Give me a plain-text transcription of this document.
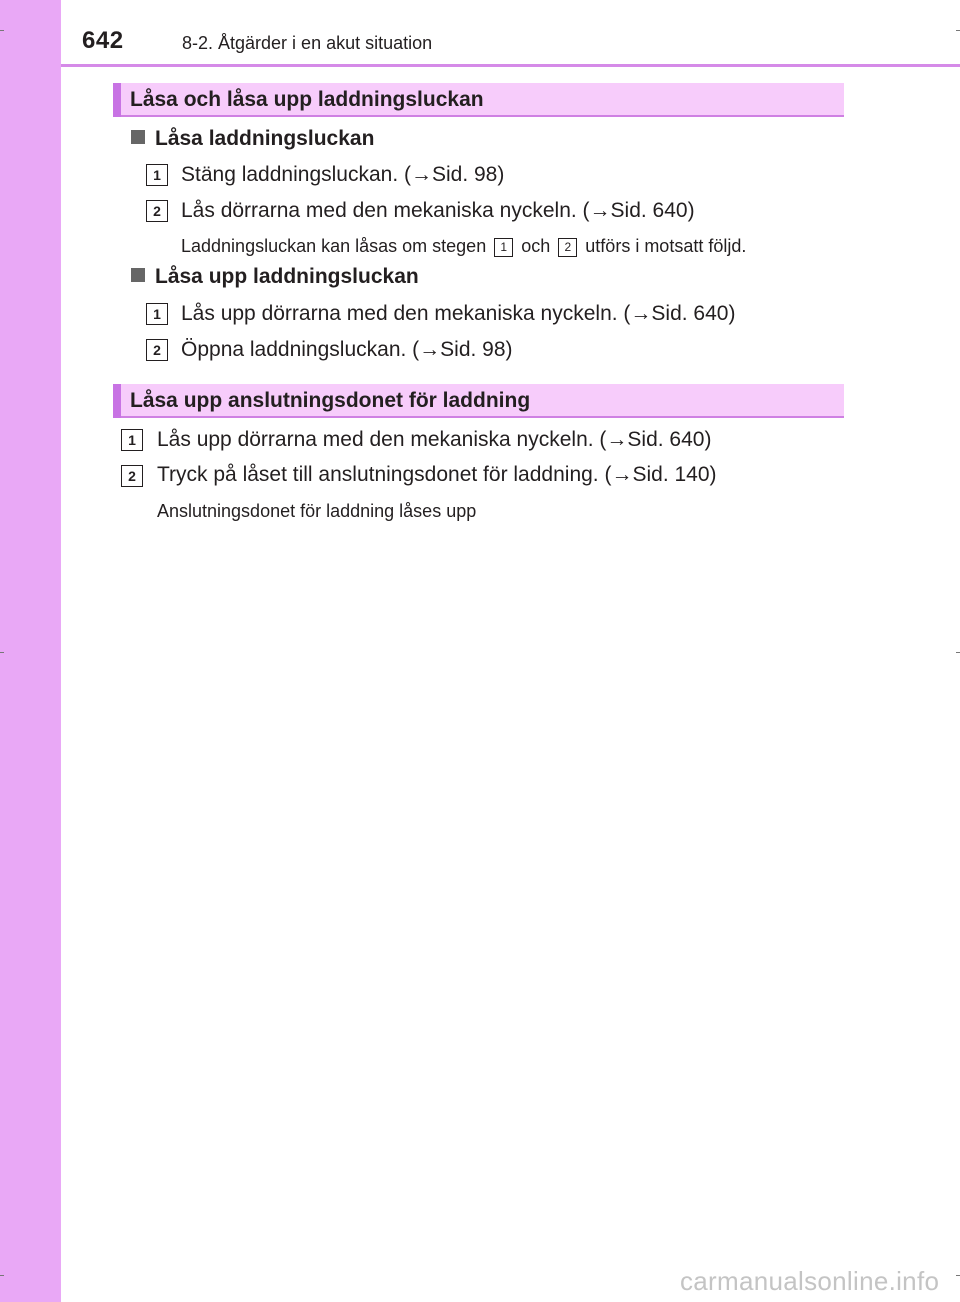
642	8-2. Åtgärder i en akut situation
Låsa och låsa upp laddningsluckan
Låsa laddningsluckan
1 Stäng laddningsluckan. (→Sid. 98)
2 Lås dörrarna med den mekaniska nyckeln. (→Sid. 640)
Laddningsluckan kan låsas om stegen 1 och 2 utförs i motsatt följd.
Låsa upp laddningsluckan
1 Lås upp dörrarna med den mekaniska nyckeln. (→Sid. 640)
2 Öppna laddningsluckan. (→Sid. 98)
Låsa upp anslutningsdonet för laddning
1	Lås upp dörrarna med den mekaniska nyckeln. (→Sid. 640)
2	Tryck på låset till anslutningsdonet för laddning. (→Sid. 140)
Anslutningsdonet för laddning låses upp
carmanualsonline.info
